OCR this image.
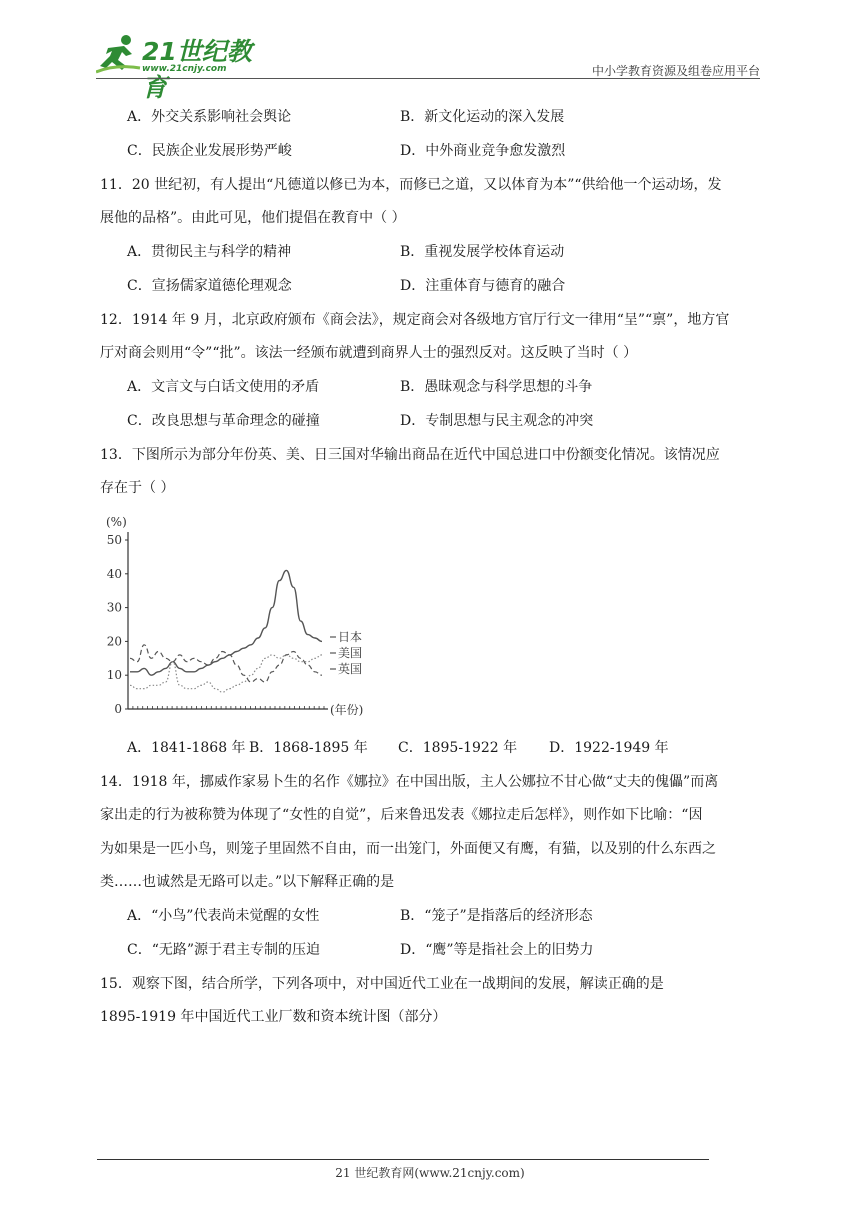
21世纪教育
www.21cnjy.com	中小学教育资源及组卷应用平台
A．外交关系影响社会舆论	B．新文化运动的深入发展
C．民族企业发展形势严峻	D．中外商业竞争愈发激烈
11．20 世纪初，有人提出“凡德道以修已为本，而修已之道，又以体育为本”“供给他一个运动场，发
展他的品格”。由此可见，他们提倡在教育中（ ）
A．贯彻民主与科学的精神	B．重视发展学校体育运动
C．宣扬儒家道德伦理观念	D．注重体育与德育的融合
12．1914 年 9 月，北京政府颁布《商会法》，规定商会对各级地方官厅行文一律用“呈”“禀”，地方官
厅对商会则用“令”“批”。该法一经颁布就遭到商界人士的强烈反对。这反映了当时（ ）
A．文言文与白话文使用的矛盾	B．愚昧观念与科学思想的斗争
C．改良思想与革命理念的碰撞	D．专制思想与民主观念的冲突
13．下图所示为部分年份英、美、日三国对华输出商品在近代中国总进口中份额变化情况。该情况应
存在于（ ）
(%)
(年份)
0
10
20
30
40
50
日本
美国
英国
A．1841-1868 年 B．1868-1895 年 C．1895-1922 年 D．1922-1949 年
14．1918 年，挪威作家易卜生的名作《娜拉》在中国出版，主人公娜拉不甘心做“丈夫的傀儡”而离
家出走的行为被称赞为体现了“女性的自觉”，后来鲁迅发表《娜拉走后怎样》，则作如下比喻：“因
为如果是一匹小鸟，则笼子里固然不自由，而一出笼门，外面便又有鹰，有猫，以及别的什么东西之
类……也诚然是无路可以走。”以下解释正确的是
A．“小鸟”代表尚未觉醒的女性	B．“笼子”是指落后的经济形态
C．“无路”源于君主专制的压迫	D．“鹰”等是指社会上的旧势力
15．观察下图，结合所学，下列各项中，对中国近代工业在一战期间的发展，解读正确的是
1895-1919 年中国近代工业厂数和资本统计图（部分）
21 世纪教育网(www.21cnjy.com)
